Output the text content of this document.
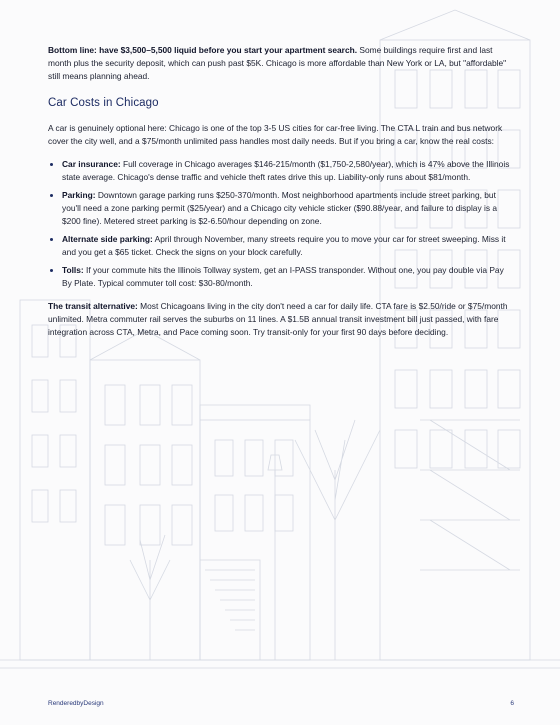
Bottom line: have $3,500–5,500 liquid before you start your apartment search. Some buildings require first and last month plus the security deposit, which can push past $5K. Chicago is more affordable than New York or LA, but "affordable" still means planning ahead.

Car Costs in Chicago

A car is genuinely optional here: Chicago is one of the top 3-5 US cities for car-free living. The CTA L train and bus network cover the city well, and a $75/month unlimited pass handles most daily needs. But if you bring a car, know the real costs:

• Car insurance: Full coverage in Chicago averages $146-215/month ($1,750-2,580/year), which is 47% above the Illinois state average. Chicago's dense traffic and vehicle theft rates drive this up. Liability-only runs about $81/month.
• Parking: Downtown garage parking runs $250-370/month. Most neighborhood apartments include street parking, but you'll need a zone parking permit ($25/year) and a Chicago city vehicle sticker ($90.88/year, and failure to display is a $200 fine). Metered street parking is $2-6.50/hour depending on zone.
• Alternate side parking: April through November, many streets require you to move your car for street sweeping. Miss it and you get a $65 ticket. Check the signs on your block carefully.
• Tolls: If your commute hits the Illinois Tollway system, get an I-PASS transponder. Without one, you pay double via Pay By Plate. Typical commuter toll cost: $30-80/month.

The transit alternative: Most Chicagoans living in the city don't need a car for daily life. CTA fare is $2.50/ride or $75/month unlimited. Metra commuter rail serves the suburbs on 11 lines. A $1.5B annual transit investment bill just passed, with fare integration across CTA, Metra, and Pace coming soon. Try transit-only for your first 90 days before deciding.

RenderedbyDesign	6
